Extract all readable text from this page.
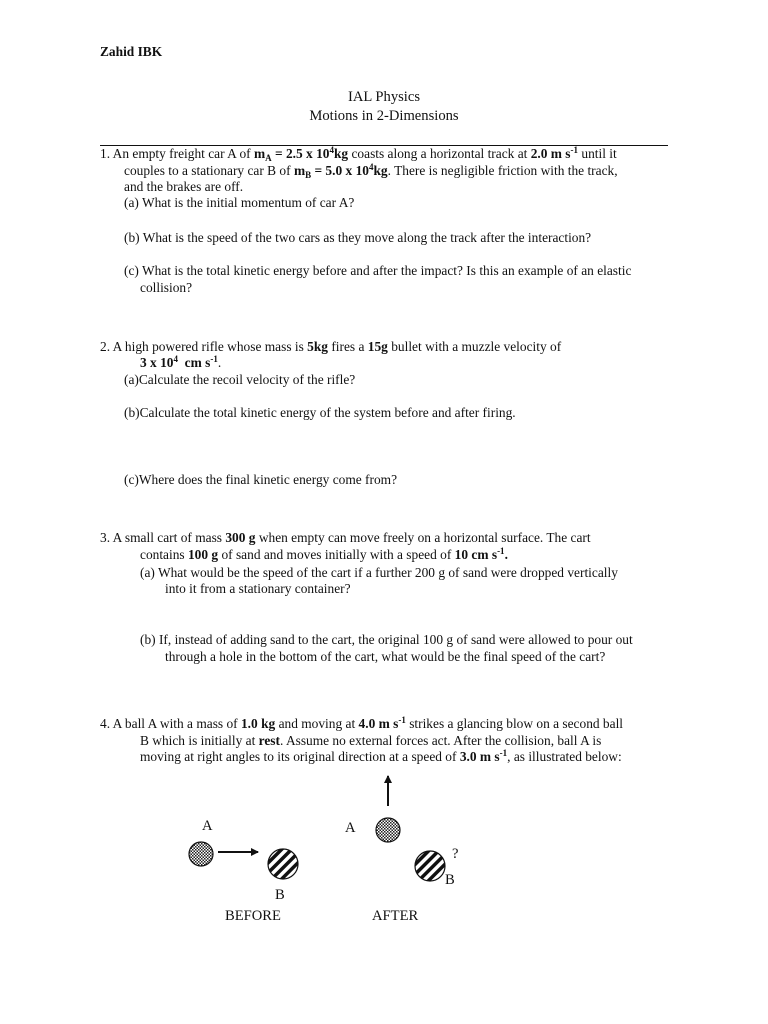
Zahid IBK
IAL Physics
Motions in 2-Dimensions
1. An empty freight car A of $m_A = 2.5$ x $10^4kg$ coasts along a horizontal track at 2.0 m $s^{-1}$ until it
couples to a stationary car B of $m_B = 5.0$ x $10^4kg$. There is negligible friction with the track,
and the brakes are off.
(a) What is the initial momentum of car A?
(b) What is the speed of the two cars as they move along the track after the interaction?
(c) What is the total kinetic energy before and after the impact? Is this an example of an elastic
collision?
2. A high powered rifle whose mass is 5kg fires a 15g bullet with a muzzle velocity of
3 x $10^4$  cm $s^{-1}$.
(a)Calculate the recoil velocity of the rifle?
(b)Calculate the total kinetic energy of the system before and after firing.
(c)Where does the final kinetic energy come from?
3. A small cart of mass 300 g when empty can move freely on a horizontal surface. The cart
contains 100 g of sand and moves initially with a speed of 10 cm $s^{-1}$.
(a) What would be the speed of the cart if a further 200 g of sand were dropped vertically
into it from a stationary container?
(b) If, instead of adding sand to the cart, the original 100 g of sand were allowed to pour out
through a hole in the bottom of the cart, what would be the final speed of the cart?
4. A ball A with a mass of 1.0 kg and moving at 4.0 m $s^{-1}$ strikes a glancing blow on a second ball
B which is initially at rest. Assume no external forces act. After the collision, ball A is
moving at right angles to its original direction at a speed of 3.0 m $s^{-1}$, as illustrated below:
A
B
BEFORE
A
?
B
AFTER
